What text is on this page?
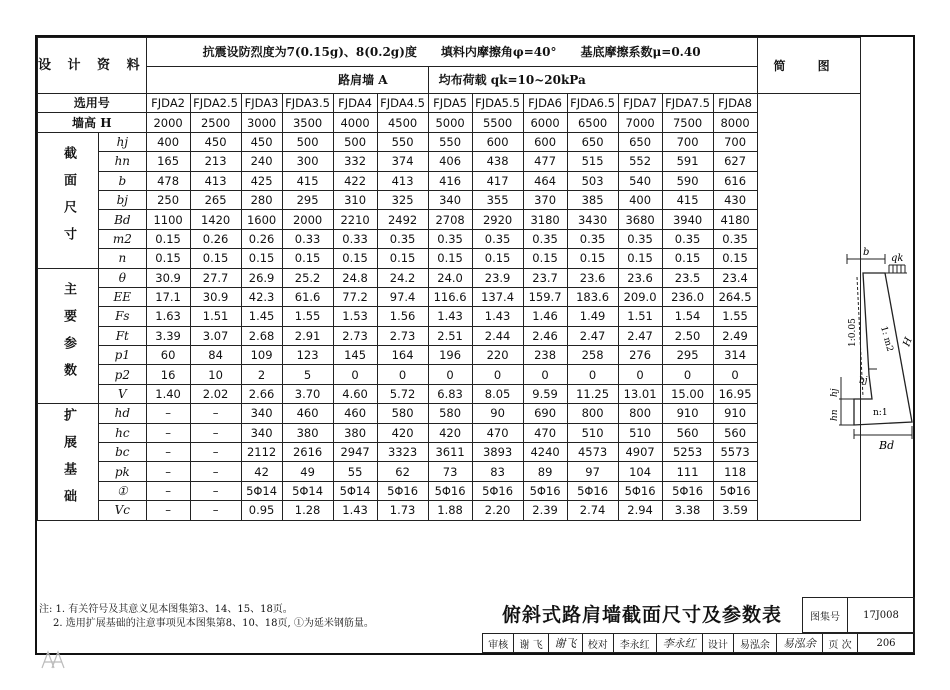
设 计 资 料		抗震设防烈度为7(0.15g)、8(0.2g)度　　填料内摩擦角φ=40°　　基底摩擦系数μ=0.40													简 图
		路肩墙 A						均布荷载 qk=10~20kPa							
选用号		FJDA2	FJDA2.5	FJDA3	FJDA3.5	FJDA4	FJDA4.5	FJDA5	FJDA5.5	FJDA6	FJDA6.5	FJDA7	FJDA7.5	FJDA8	
墙高 H		2000	2500	3000	3500	4000	4500	5000	5500	6000	6500	7000	7500	8000	
截面尺寸	hj	400	450	450	500	500	550	550	600	600	650	650	700	700	
	hn	165	213	240	300	332	374	406	438	477	515	552	591	627	
	b	478	413	425	415	422	413	416	417	464	503	540	590	616	
	bj	250	265	280	295	310	325	340	355	370	385	400	415	430	
	Bd	1100	1420	1600	2000	2210	2492	2708	2920	3180	3430	3680	3940	4180	
	m2	0.15	0.26	0.26	0.33	0.33	0.35	0.35	0.35	0.35	0.35	0.35	0.35	0.35	
	n	0.15	0.15	0.15	0.15	0.15	0.15	0.15	0.15	0.15	0.15	0.15	0.15	0.15	
主要参数	θ	30.9	27.7	26.9	25.2	24.8	24.2	24.0	23.9	23.7	23.6	23.6	23.5	23.4	
	EE	17.1	30.9	42.3	61.6	77.2	97.4	116.6	137.4	159.7	183.6	209.0	236.0	264.5	
	Fs	1.63	1.51	1.45	1.55	1.53	1.56	1.43	1.43	1.46	1.49	1.51	1.54	1.55	
	Ft	3.39	3.07	2.68	2.91	2.73	2.73	2.51	2.44	2.46	2.47	2.47	2.50	2.49	
	p1	60	84	109	123	145	164	196	220	238	258	276	295	314	
	p2	16	10	2	5	0	0	0	0	0	0	0	0	0	
	V	1.40	2.02	2.66	3.70	4.60	5.72	6.83	8.05	9.59	11.25	13.01	15.00	16.95	
扩展基础	hd	–	–	340	460	460	580	580	90	690	800	800	910	910	
	hc	–	–	340	380	380	420	420	470	470	510	510	560	560	
	bc	–	–	2112	2616	2947	3323	3611	3893	4240	4573	4907	5253	5573	
	pk	–	–	42	49	55	62	73	83	89	97	104	111	118	
	①	–	–	5Φ14	5Φ14	5Φ14	5Φ16	5Φ16	5Φ16	5Φ16	5Φ16	5Φ16	5Φ16	5Φ16	
	Vc	–	–	0.95	1.28	1.43	1.73	1.88	2.20	2.39	2.74	2.94	3.38	3.59	
b
qk
1:0.05 1: m2 H
bj
hj
hn	n:1
Bd
注: 1. 有关符号及其意义见本图集第3、14、15、18页。
2. 选用扩展基础的注意事项见本图集第8、10、18页, ①为延米钢筋量。	俯斜式路肩墙截面尺寸及参数表	图集号	17J008
审核	谢 飞	谢飞	校对	李永红	李永红	设计	易泓余	易泓余	页 次	206
